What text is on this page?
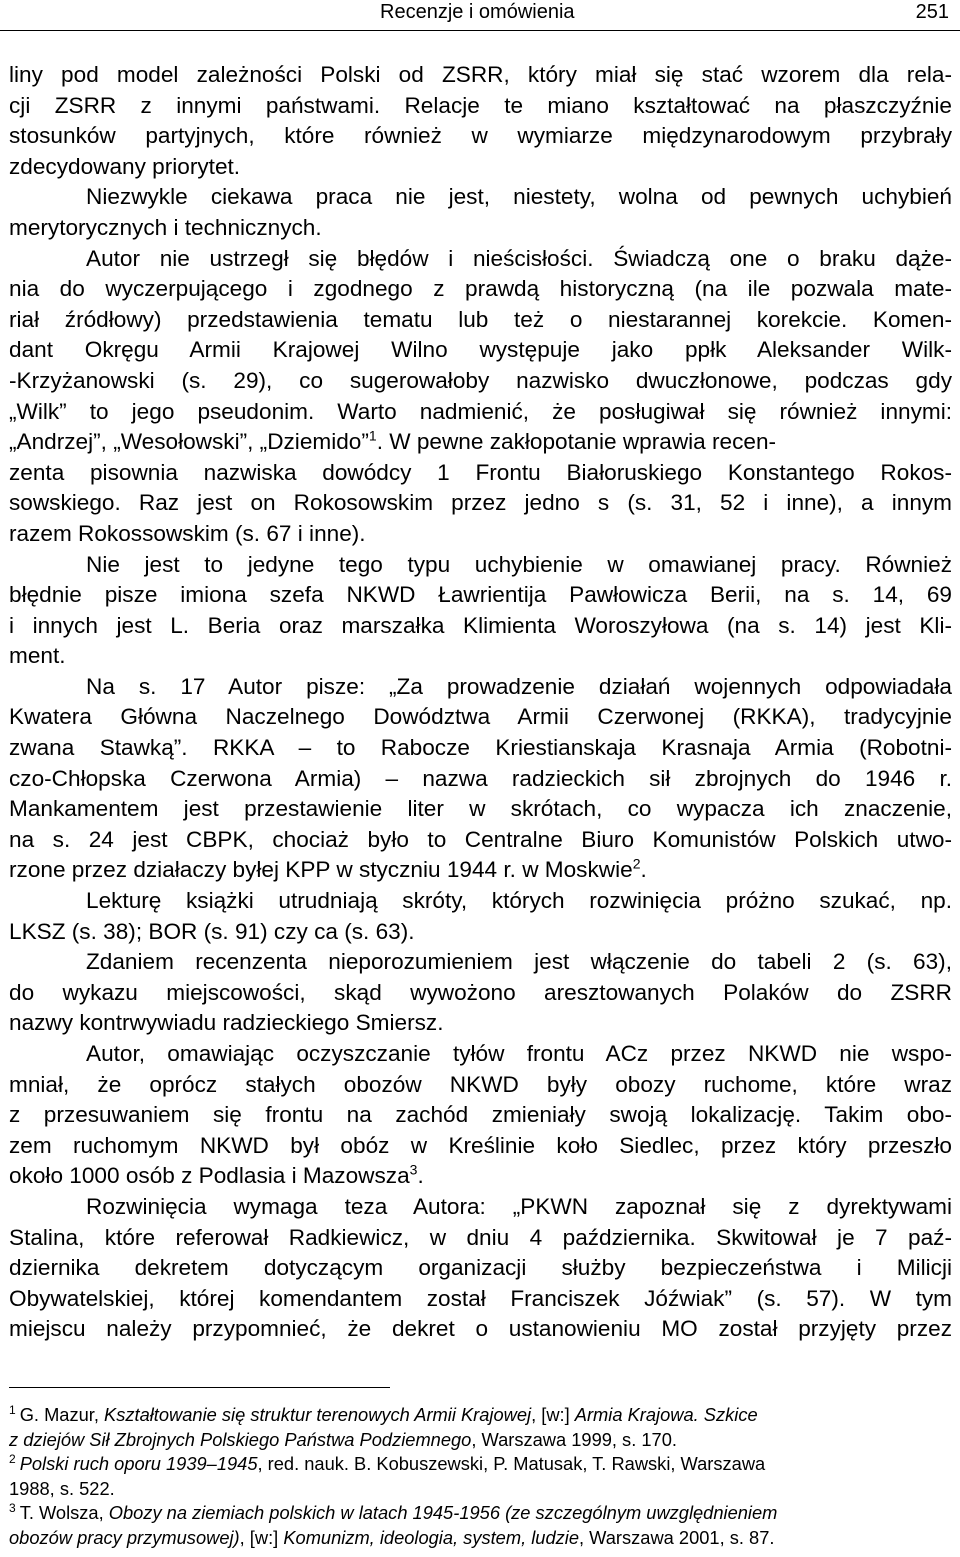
Recenzje i omówienia	251
liny pod model zależności Polski od ZSRR, który miał się stać wzorem dla rela-
cji ZSRR z innymi państwami. Relacje te miano kształtować na płaszczyźnie
stosunków partyjnych, które również w wymiarze międzynarodowym przybrały
zdecydowany priorytet.
Niezwykle ciekawa praca nie jest, niestety, wolna od pewnych uchybień
merytorycznych i technicznych.
Autor nie ustrzegł się błędów i nieścisłości. Świadczą one o braku dąże-
nia do wyczerpującego i zgodnego z prawdą historyczną (na ile pozwala mate-
riał źródłowy) przedstawienia tematu lub też o niestarannej korekcie. Komen-
dant Okręgu Armii Krajowej Wilno występuje jako ppłk Aleksander Wilk-
-Krzyżanowski (s. 29), co sugerowałoby nazwisko dwuczłonowe, podczas gdy
„Wilk” to jego pseudonim. Warto nadmienić, że posługiwał się również innymi:
„Andrzej”, „Wesołowski”, „Dziemido”$^1$. W pewne zakłopotanie wprawia recen-
zenta pisownia nazwiska dowódcy 1 Frontu Białoruskiego Konstantego Rokos-
sowskiego. Raz jest on Rokosowskim przez jedno s (s. 31, 52 i inne), a innym
razem Rokossowskim (s. 67 i inne).
Nie jest to jedyne tego typu uchybienie w omawianej pracy. Również
błędnie pisze imiona szefa NKWD Ławrientija Pawłowicza Berii, na s. 14, 69
i innych jest L. Beria oraz marszałka Klimienta Woroszyłowa (na s. 14) jest Kli-
ment.
Na s. 17 Autor pisze: „Za prowadzenie działań wojennych odpowiadała
Kwatera Główna Naczelnego Dowództwa Armii Czerwonej (RKKA), tradycyjnie
zwana Stawką”. RKKA – to Rabocze Kriestianskaja Krasnaja Armia (Robotni-
czo-Chłopska Czerwona Armia) – nazwa radzieckich sił zbrojnych do 1946 r.
Mankamentem jest przestawienie liter w skrótach, co wypacza ich znaczenie,
na s. 24 jest CBPK, chociaż było to Centralne Biuro Komunistów Polskich utwo-
rzone przez działaczy byłej KPP w styczniu 1944 r. w Moskwie$^2$.
Lekturę książki utrudniają skróty, których rozwinięcia próżno szukać, np.
LKSZ (s. 38); BOR (s. 91) czy ca (s. 63).
Zdaniem recenzenta nieporozumieniem jest włączenie do tabeli 2 (s. 63),
do wykazu miejscowości, skąd wywożono aresztowanych Polaków do ZSRR
nazwy kontrwywiadu radzieckiego Smiersz.
Autor, omawiając oczyszczanie tyłów frontu ACz przez NKWD nie wspo-
mniał, że oprócz stałych obozów NKWD były obozy ruchome, które wraz
z przesuwaniem się frontu na zachód zmieniały swoją lokalizację. Takim obo-
zem ruchomym NKWD był obóz w Kreślinie koło Siedlec, przez który przeszło
około 1000 osób z Podlasia i Mazowsza$^3$.
Rozwinięcia wymaga teza Autora: „PKWN zapoznał się z dyrektywami
Stalina, które referował Radkiewicz, w dniu 4 października. Skwitował je 7 paź-
dziernika dekretem dotyczącym organizacji służby bezpieczeństwa i Milicji
Obywatelskiej, której komendantem został Franciszek Jóźwiak” (s. 57). W tym
miejscu należy przypomnieć, że dekret o ustanowieniu MO został przyjęty przez
$^1$ G. Mazur, Kształtowanie się struktur terenowych Armii Krajowej, [w:] Armia Krajowa. Szkice
z dziejów Sił Zbrojnych Polskiego Państwa Podziemnego, Warszawa 1999, s. 170.
$^2$ Polski ruch oporu 1939–1945, red. nauk. B. Kobuszewski, P. Matusak, T. Rawski, Warszawa
1988, s. 522.
$^3$ T. Wolsza, Obozy na ziemiach polskich w latach 1945-1956 (ze szczególnym uwzględnieniem
obozów pracy przymusowej), [w:] Komunizm, ideologia, system, ludzie, Warszawa 2001, s. 87.
